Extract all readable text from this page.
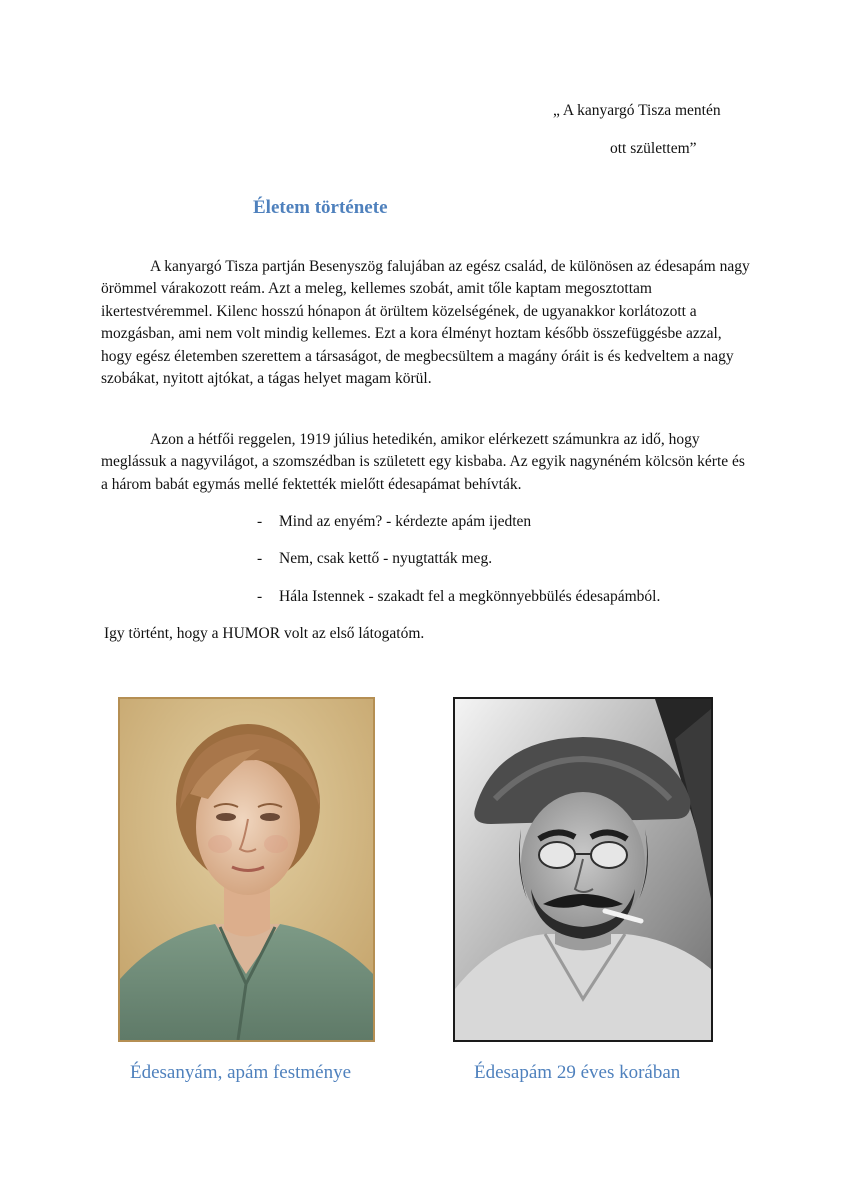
„ A kanyargó Tisza mentén
ott születtem”
Életem története

A kanyargó Tisza partján Besenyszög falujában az egész család, de különösen az édesapám nagy örömmel várakozott reám. Azt a meleg, kellemes szobát, amit tőle kaptam megosztottam ikertestvéremmel. Kilenc hosszú hónapon át örültem közelségének, de ugyanakkor korlátozott a mozgásban, ami nem volt mindig kellemes. Ezt a kora élményt hoztam később összefüggésbe azzal, hogy egész életemben szerettem a társaságot, de megbecsültem a magány óráit is és kedveltem a nagy szobákat, nyitott ajtókat, a tágas helyet magam körül.

Azon a hétfői reggelen, 1919 július hetedikén, amikor elérkezett számunkra az idő, hogy meglássuk a nagyvilágot, a szomszédban is született egy kisbaba. Az egyik nagynéném kölcsön kérte és a három babát egymás mellé fektették mielőtt édesapámat behívták.

- Mind az enyém? - kérdezte apám ijedten
- Nem, csak kettő - nyugtatták meg.
- Hála Istennek - szakadt fel a megkönnyebbülés édesapámból.
Igy történt, hogy a HUMOR volt az első látogatóm.
Édesanyám, apám festménye	Édesapám 29 éves korában
